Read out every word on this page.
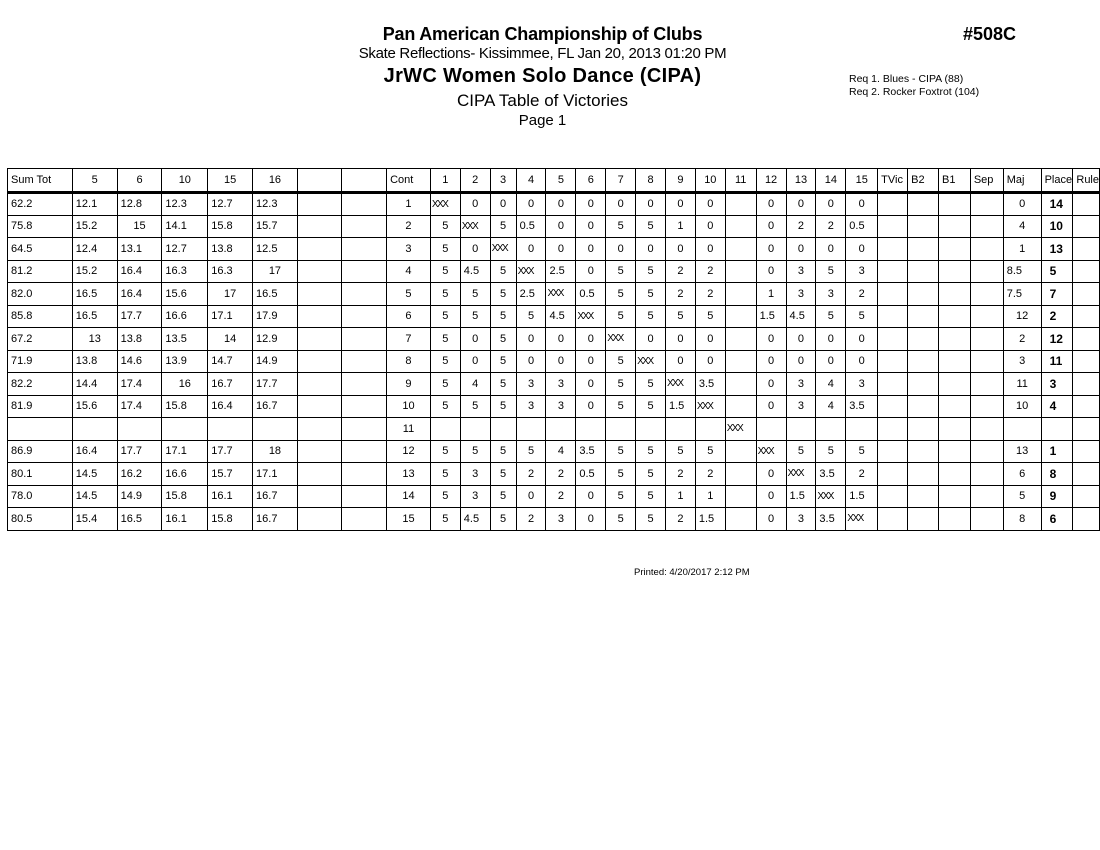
Pan American Championship of Clubs
Skate Reflections- Kissimmee, FL Jan 20, 2013 01:20 PM
JrWC Women Solo Dance (CIPA)
CIPA Table of Victories
Page 1
#508C
Req 1. Blues - CIPA (88)
Req 2. Rocker Foxtrot (104)
Sum Tot	5	6	10	15	16			Cont	1	2	3	4	5	6	7	8	9	10	11	12	13	14	15	TVic	B2	B1	Sep	Maj	Place	Rule
62.2	12.1	12.8	12.3	12.7	12.3			1	XXX	0	0	0	0	0	0	0	0	0		0	0	0	0					0	14	
75.8	15.2	15	14.1	15.8	15.7			2	5	XXX	5	0.5	0	0	5	5	1	0		0	2	2	0.5					4	10	
64.5	12.4	13.1	12.7	13.8	12.5			3	5	0	XXX	0	0	0	0	0	0	0		0	0	0	0					1	13	
81.2	15.2	16.4	16.3	16.3	17			4	5	4.5	5	XXX	2.5	0	5	5	2	2		0	3	5	3					8.5	5	
82.0	16.5	16.4	15.6	17	16.5			5	5	5	5	2.5	XXX	0.5	5	5	2	2		1	3	3	2					7.5	7	
85.8	16.5	17.7	16.6	17.1	17.9			6	5	5	5	5	4.5	XXX	5	5	5	5		1.5	4.5	5	5					12	2	
67.2	13	13.8	13.5	14	12.9			7	5	0	5	0	0	0	XXX	0	0	0		0	0	0	0					2	12	
71.9	13.8	14.6	13.9	14.7	14.9			8	5	0	5	0	0	0	5	XXX	0	0		0	0	0	0					3	11	
82.2	14.4	17.4	16	16.7	17.7			9	5	4	5	3	3	0	5	5	XXX	3.5		0	3	4	3					11	3	
81.9	15.6	17.4	15.8	16.4	16.7			10	5	5	5	3	3	0	5	5	1.5	XXX		0	3	4	3.5					10	4	
								11											XXX											
86.9	16.4	17.7	17.1	17.7	18			12	5	5	5	5	4	3.5	5	5	5	5		XXX	5	5	5					13	1	
80.1	14.5	16.2	16.6	15.7	17.1			13	5	3	5	2	2	0.5	5	5	2	2		0	XXX	3.5	2					6	8	
78.0	14.5	14.9	15.8	16.1	16.7			14	5	3	5	0	2	0	5	5	1	1		0	1.5	XXX	1.5					5	9	
80.5	15.4	16.5	16.1	15.8	16.7			15	5	4.5	5	2	3	0	5	5	2	1.5		0	3	3.5	XXX					8	6	
Printed: 4/20/2017 2:12 PM
